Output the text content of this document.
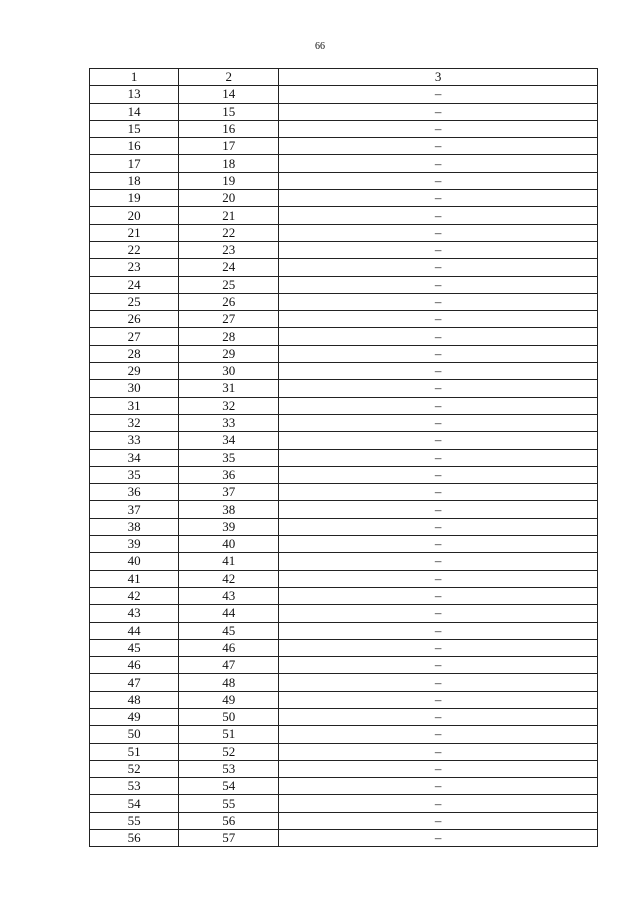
66
1	2	3
13	14	–
14	15	–
15	16	–
16	17	–
17	18	–
18	19	–
19	20	–
20	21	–
21	22	–
22	23	–
23	24	–
24	25	–
25	26	–
26	27	–
27	28	–
28	29	–
29	30	–
30	31	–
31	32	–
32	33	–
33	34	–
34	35	–
35	36	–
36	37	–
37	38	–
38	39	–
39	40	–
40	41	–
41	42	–
42	43	–
43	44	–
44	45	–
45	46	–
46	47	–
47	48	–
48	49	–
49	50	–
50	51	–
51	52	–
52	53	–
53	54	–
54	55	–
55	56	–
56	57	–
